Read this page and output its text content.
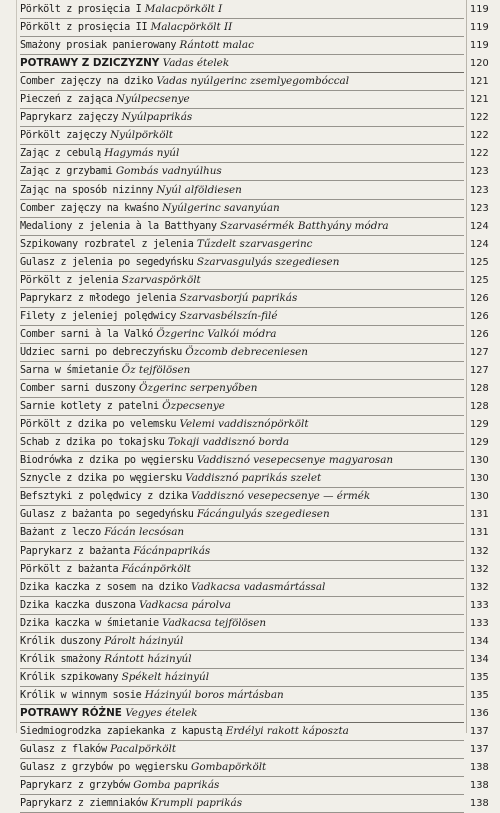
Pörkölt z prosięcia I Malacpörkölt I	119
Pörkölt z prosięcia II Malacpörkölt II	119
Smażony prosiak panierowany Rántott malac	119
POTRAWY Z DZICZYZNY Vadas ételek	120
Comber zajęczy na dziko Vadas nyúlgerinc zsemlyegombóccal	121
Pieczeń z zająca Nyúlpecsenye	121
Paprykarz zajęczy Nyúlpaprikás	122
Pörkölt zajęczy Nyúlpörkölt	122
Zając z cebulą Hagymás nyúl	122
Zając z grzybami Gombás vadnyúlhus	123
Zając na sposób nizinny Nyúl alföldiesen	123
Comber zajęczy na kwaśno Nyúlgerinc savanyúan	123
Medaliony z jelenia à la Batthyany Szarvasérmék Batthyány módra	124
Szpikowany rozbratel z jelenia Tűzdelt szarvasgerinc	124
Gulasz z jelenia po segedyńsku Szarvasgulyás szegediesen	125
Pörkölt z jelenia Szarvaspörkölt	125
Paprykarz z młodego jelenia Szarvasborjú paprikás	126
Filety z jeleniej polędwicy Szarvasbélszín-filé	126
Comber sarni à la Valkó Özgerinc Valkói módra	126
Udziec sarni po debreczyńsku Özcomb debreceniesen	127
Sarna w śmietanie Öz tejfölösen	127
Comber sarni duszony Özgerinc serpenyőben	128
Sarnie kotlety z patelni Özpecsenye	128
Pörkölt z dzika po velemsku Velemi vaddisznópörkölt	129
Schab z dzika po tokajsku Tokaji vaddisznó borda	129
Biodrówka z dzika po węgiersku Vaddisznó vesepecsenye magyarosan	130
Sznycle z dzika po węgiersku Vaddisznó paprikás szelet	130
Befsztyki z polędwicy z dzika Vaddisznó vesepecsenye — érmék	130
Gulasz z bażanta po segedyńsku Fácángulyás szegediesen	131
Bażant z leczo Fácán lecsósan	131
Paprykarz z bażanta Fácánpaprikás	132
Pörkölt z bażanta Fácánpörkölt	132
Dzika kaczka z sosem na dziko Vadkacsa vadasmártással	132
Dzika kaczka duszona Vadkacsa párolva	133
Dzika kaczka w śmietanie Vadkacsa tejfölösen	133
Królik duszony Párolt házinyúl	134
Królik smażony Rántott házinyúl	134
Królik szpikowany Spékelt házinyúl	135
Królik w winnym sosie Házinyúl boros mártásban	135
POTRAWY RÓŻNE Vegyes ételek	136
Siedmiogrodzka zapiekanka z kapustą Erdélyi rakott káposzta	137
Gulasz z flaków Pacalpörkölt	137
Gulasz z grzybów po węgiersku Gombapörkölt	138
Paprykarz z grzybów Gomba paprikás	138
Paprykarz z ziemniaków Krumpli paprikás	138
